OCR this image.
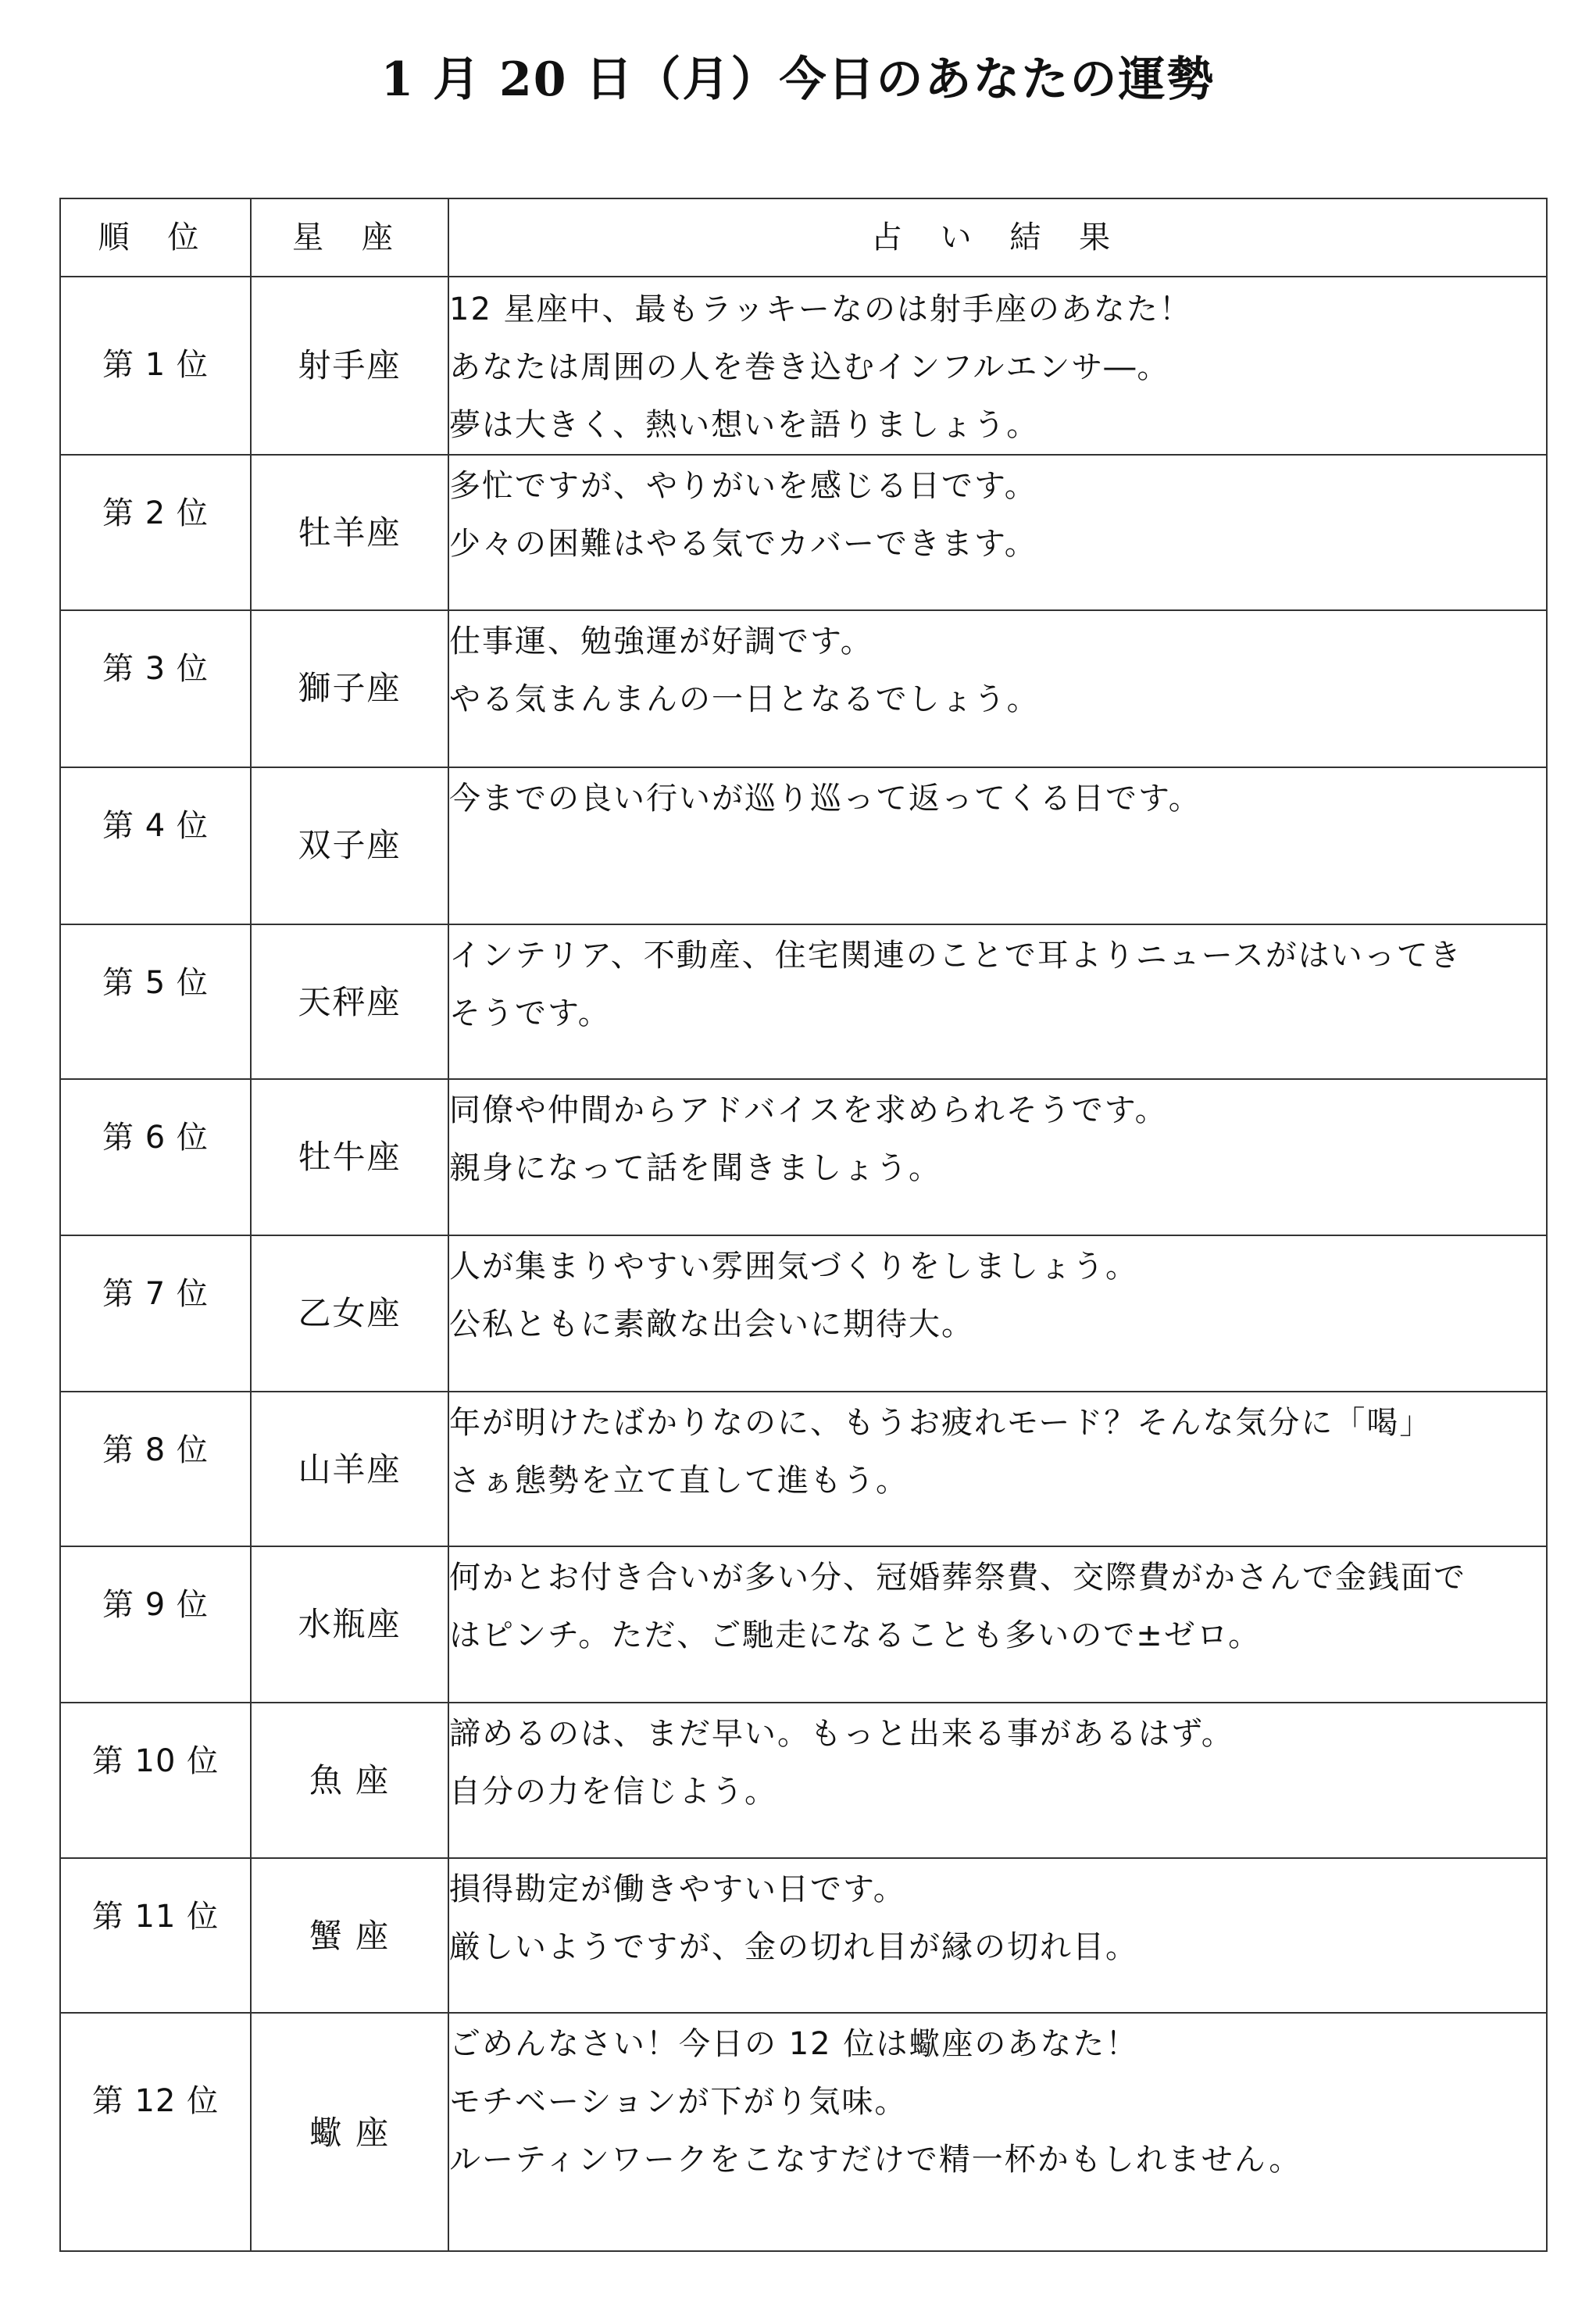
1 月 20 日（月）今日のあなたの運勢
順 位	星 座	占 い 結 果
第 1 位	射手座	12 星座中、最もラッキーなのは射手座のあなた！
あなたは周囲の人を巻き込むインフルエンサ―。
夢は大きく、熱い想いを語りましょう。

第 2 位	牡羊座	多忙ですが、やりがいを感じる日です。
少々の困難はやる気でカバーできます。

第 3 位	獅子座	仕事運、勉強運が好調です。
やる気まんまんの一日となるでしょう。

第 4 位	双子座	今までの良い行いが巡り巡って返ってくる日です。

第 5 位	天秤座	インテリア、不動産、住宅関連のことで耳よりニュースがはいってき
そうです。

第 6 位	牡牛座	同僚や仲間からアドバイスを求められそうです。
親身になって話を聞きましょう。

第 7 位	乙女座	人が集まりやすい雰囲気づくりをしましょう。
公私ともに素敵な出会いに期待大。

第 8 位	山羊座	年が明けたばかりなのに、もうお疲れモード？そんな気分に「喝」
さぁ態勢を立て直して進もう。

第 9 位	水瓶座	何かとお付き合いが多い分、冠婚葬祭費、交際費がかさんで金銭面で
はピンチ。ただ、ご馳走になることも多いので±ゼロ。

第 10 位	魚 座	諦めるのは、まだ早い。もっと出来る事があるはず。
自分の力を信じよう。

第 11 位	蟹 座	損得勘定が働きやすい日です。
厳しいようですが、金の切れ目が縁の切れ目。

第 12 位	蠍 座	ごめんなさい！今日の 12 位は蠍座のあなた！
モチベーションが下がり気味。
ルーティンワークをこなすだけで精一杯かもしれません。
